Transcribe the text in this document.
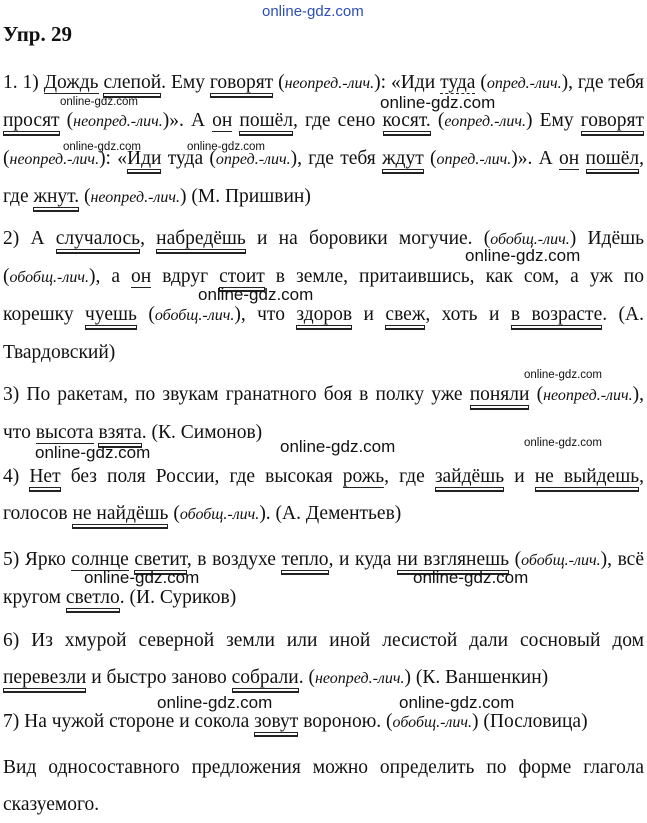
Упр. 29
1. 1) Дождь слепой. Ему говорят (неопред.-лич.): «Иди туда (опред.-лич.), где тебя просят (неопред.-лич.)». А он пошёл, где сено косят. (еопред.-лич.) Ему говорят (неопред.-лич.): «Иди туда (опред.-лич.), где тебя ждут (опред.-лич.)». А он пошёл, где жнут. (неопред.-лич.) (М. Пришвин)
2) А случалось, набредёшь и на боровики могучие. (обобщ.-лич.) Идёшь (обобщ.-лич.), а он вдруг стоит в земле, притаившись, как сом, а уж по корешку чуешь (обобщ.-лич.), что здоров и свеж, хоть и в возрасте. (А. Твардовский)
3) По ракетам, по звукам гранатного боя в полку уже поняли (неопред.-лич.), что высота взята. (К. Симонов)
4) Нет без поля России, где высокая рожь, где зайдёшь и не выйдешь, голосов не найдёшь (обобщ.-лич.). (А. Дементьев)
5) Ярко солнце светит, в воздухе тепло, и куда ни взглянешь (обобщ.-лич.), всё кругом светло. (И. Суриков)
6) Из хмурой северной земли или иной лесистой дали сосновый дом перевезли и быстро заново собрали. (неопред.-лич.) (К. Ваншенкин)
7) На чужой стороне и сокола зовут вороною. (обобщ.-лич.) (Пословица)
Вид односоставного предложения можно определить по форме глагола сказуемого.
online-gdz.com
online-gdz.com	online-gdz.com
online-gdz.com	online-gdz.com
online-gdz.com
online-gdz.com
online-gdz.com
online-gdz.com	online-gdz.com
online-gdz.com
online-gdz.com	online-gdz.com
online-gdz.com	online-gdz.com
